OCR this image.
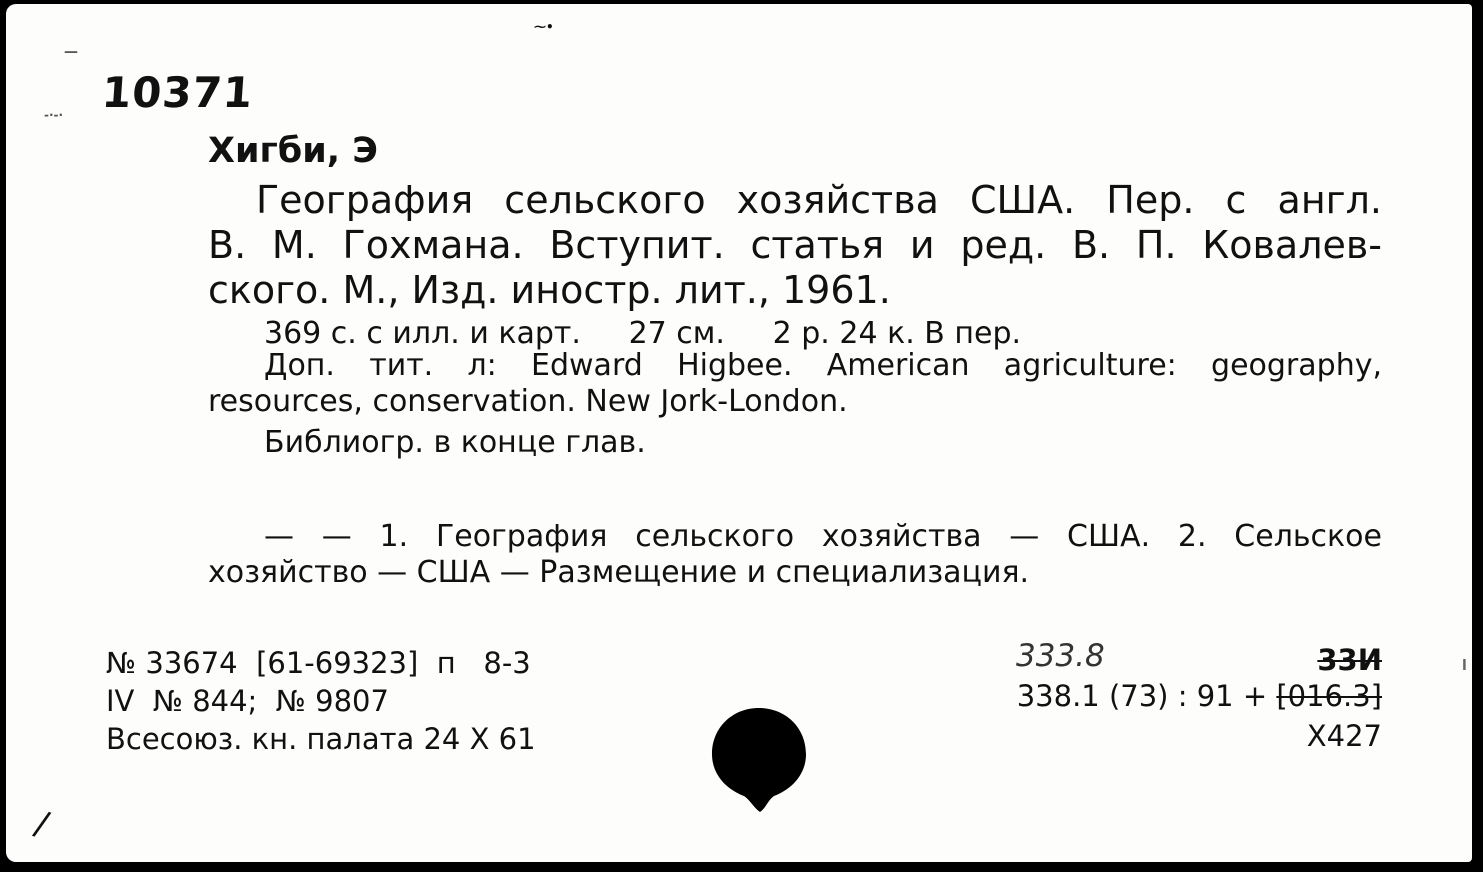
⁓•
—
-·-· 10371
Хигби, Э
География сельского хозяйства США. Пер. с англ.
В. М. Гохмана. Вступит. статья и ред. В. П. Ковалев-
ского. М., Изд. иностр. лит., 1961.
369 с. с илл. и карт.     27 см.     2 р. 24 к. В пер.
Доп. тит. л: Edward Higbee. American agriculture: geography,
resources, conservation. New Jork-London.
Библиогр. в конце глав.
— — 1. География сельского хозяйства — США. 2. Сельское
хозяйство — США — Размещение и специализация.
№ 33674  [61-69323]  п   8-3
IV  № 844;  № 9807
Всесоюз. кн. палата 24 X 61
333.8	33И
338.1 (73) : 91 + [016.3]
X427
/
ⅼ
